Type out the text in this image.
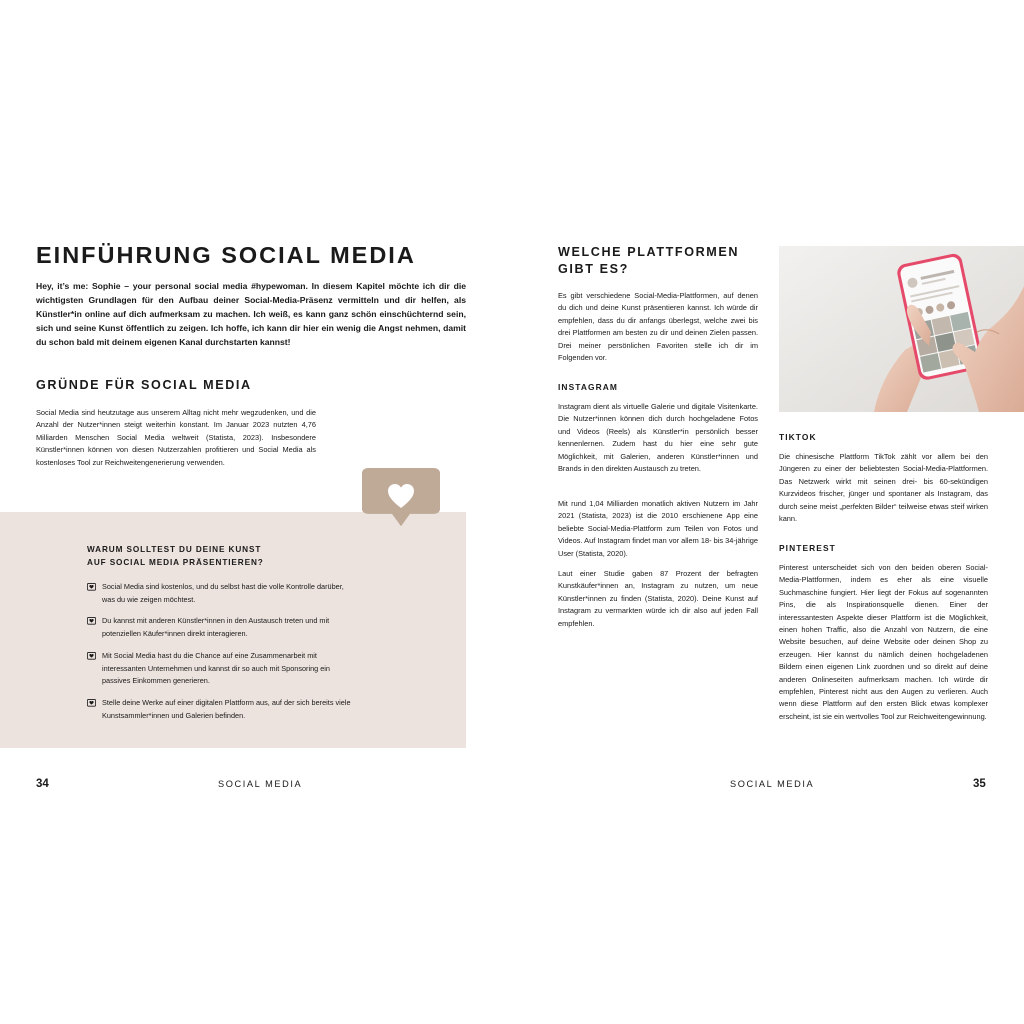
EINFÜHRUNG SOCIAL MEDIA

Hey, it’s me: Sophie – your personal social media #hypewoman. In diesem Kapitel möchte ich dir die wichtigsten Grundlagen für den Aufbau deiner Social-Media-Präsenz vermitteln und dir helfen, als Künstler*in online auf dich aufmerksam zu machen. Ich weiß, es kann ganz schön einschüchternd sein, sich und seine Kunst öffentlich zu zeigen. Ich hoffe, ich kann dir hier ein wenig die Angst nehmen, damit du schon bald mit deinem eigenen Kanal durchstarten kannst!

GRÜNDE FÜR SOCIAL MEDIA

Social Media sind heutzutage aus unserem Alltag nicht mehr wegzudenken, und die Anzahl der Nutzer*innen steigt weiterhin konstant. Im Januar 2023 nutzten 4,76 Milliarden Menschen Social Media weltweit (Statista, 2023). Insbesondere Künstler*innen können von diesen Nutzerzahlen profitieren und Social Media als kostenloses Tool zur Reichweitengenerierung verwenden.

WARUM SOLLTEST DU DEINE KUNST
AUF SOCIAL MEDIA PRÄSENTIEREN?
Social Media sind kostenlos, und du selbst hast die volle Kontrolle darüber, was du wie zeigen möchtest.
Du kannst mit anderen Künstler*innen in den Austausch treten und mit potenziellen Käufer*innen direkt interagieren.
Mit Social Media hast du die Chance auf eine Zusammenarbeit mit interessanten Unternehmen und kannst dir so auch mit Sponsoring ein passives Einkommen generieren.
Stelle deine Werke auf einer digitalen Plattform aus, auf der sich bereits viele Kunstsammler*innen und Galerien befinden.
34	SOCIAL MEDIA
WELCHE PLATTFORMEN
GIBT ES?

Es gibt verschiedene Social-Media-Plattformen, auf denen du dich und deine Kunst präsentieren kannst. Ich würde dir empfehlen, dass du dir anfangs überlegst, welche zwei bis drei Plattformen am besten zu dir und deinen Zielen passen. Drei meiner persönlichen Favoriten stelle ich dir im Folgenden vor.

INSTAGRAM

Instagram dient als virtuelle Galerie und digitale Visitenkarte. Die Nutzer*innen können dich durch hochgeladene Fotos und Videos (Reels) als Künstler*in persönlich besser kennenlernen. Zudem hast du hier eine sehr gute Möglichkeit, mit Galerien, anderen Künstler*innen und Brands in den direkten Austausch zu treten.

Mit rund 1,04 Milliarden monatlich aktiven Nutzern im Jahr 2021 (Statista, 2023) ist die 2010 erschienene App eine beliebte Social-Media-Plattform zum Teilen von Fotos und Videos. Auf Instagram findet man vor allem 18- bis 34-jährige User (Statista, 2020).

Laut einer Studie gaben 87 Prozent der befragten Kunstkäufer*innen an, Instagram zu nutzen, um neue Künstler*innen zu finden (Statista, 2020). Deine Kunst auf Instagram zu vermarkten würde ich dir also auf jeden Fall empfehlen.

TIKTOK

Die chinesische Plattform TikTok zählt vor allem bei den Jüngeren zu einer der beliebtesten Social-Media-Plattformen. Das Netzwerk wirkt mit seinen drei- bis 60-sekündigen Kurzvideos frischer, jünger und spontaner als Instagram, das durch seine meist „perfekten Bilder“ teilweise etwas steif wirken kann.

PINTEREST

Pinterest unterscheidet sich von den beiden oberen Social-Media-Plattformen, indem es eher als eine visuelle Suchmaschine fungiert. Hier liegt der Fokus auf sogenannten Pins, die als Inspirationsquelle dienen. Einer der interessantesten Aspekte dieser Plattform ist die Möglichkeit, einen hohen Traffic, also die Anzahl von Nutzern, die eine Website besuchen, auf deine Website oder deinen Shop zu erzeugen. Hier kannst du nämlich deinen hochgeladenen Bildern einen eigenen Link zuordnen und so direkt auf deine anderen Onlineseiten aufmerksam machen. Ich würde dir empfehlen, Pinterest nicht aus den Augen zu verlieren. Auch wenn diese Plattform auf den ersten Blick etwas komplexer erscheint, ist sie ein wertvolles Tool zur Reichweitengewinnung.

SOCIAL MEDIA	35
